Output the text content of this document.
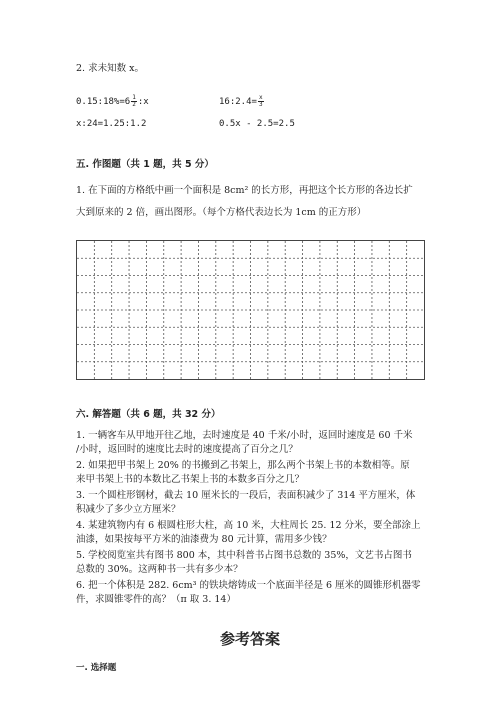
2. 求未知数 x。
0.15:18%=6 $\frac{1}{2}$ :x	16:2.4= $\frac{x}{3}$
x:24=1.25:1.2	0.5x - 2.5=2.5
五. 作图题（共 1 题，共 5 分）
1. 在下面的方格纸中画一个面积是 8cm² 的长方形，再把这个长方形的各边长扩
大到原来的 2 倍，画出图形。（每个方格代表边长为 1cm 的正方形）
六. 解答题（共 6 题，共 32 分）
1. 一辆客车从甲地开往乙地，去时速度是 40 千米/小时，返回时速度是 60 千米
/小时，返回时的速度比去时的速度提高了百分之几？
2. 如果把甲书架上 20% 的书搬到乙书架上，那么两个书架上书的本数相等。原
来甲书架上书的本数比乙书架上书的本数多百分之几？
3. 一个圆柱形钢材，截去 10 厘米长的一段后，表面积减少了 314 平方厘米，体
积减少了多少立方厘米？
4. 某建筑物内有 6 根圆柱形大柱，高 10 米，大柱周长 25. 12 分米，要全部涂上
油漆，如果按每平方米的油漆费为 80 元计算，需用多少钱？
5. 学校阅览室共有图书 800 本，其中科普书占图书总数的 35%，文艺书占图书
总数的 30%。这两种书一共有多少本？
6. 把一个体积是 282. 6cm³ 的铁块熔铸成一个底面半径是 6 厘米的圆锥形机器零
件，求圆锥零件的高？（π 取 3. 14）
参考答案
一. 选择题
